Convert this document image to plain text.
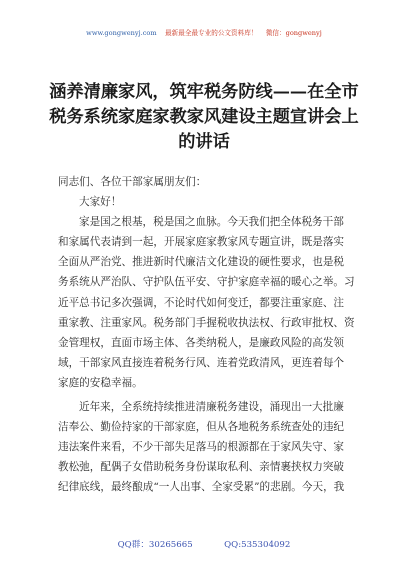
www.gongwenyj.com 最新最全最专业的公文资料库！ 微信：gongwenyj
涵养清廉家风，筑牢税务防线——在全市
税务系统家庭家教家风建设主题宣讲会上
的讲话
同志们、各位干部家属朋友们：
大家好！
家是国之根基，税是国之血脉。今天我们把全体税务干部
和家属代表请到一起，开展家庭家教家风专题宣讲，既是落实
全面从严治党、推进新时代廉洁文化建设的硬性要求，也是税
务系统从严治队、守护队伍平安、守护家庭幸福的暖心之举。习
近平总书记多次强调，不论时代如何变迁，都要注重家庭、注
重家教、注重家风。税务部门手握税收执法权、行政审批权、资
金管理权，直面市场主体、各类纳税人，是廉政风险的高发领
域，干部家风直接连着税务行风、连着党政清风，更连着每个
家庭的安稳幸福。
近年来，全系统持续推进清廉税务建设，涌现出一大批廉
洁奉公、勤俭持家的干部家庭，但从各地税务系统查处的违纪
违法案件来看，不少干部失足落马的根源都在于家风失守、家
教松弛，配偶子女借助税务身份谋取私利、亲情裹挟权力突破
纪律底线，最终酿成“一人出事、全家受累”的悲剧。今天，我
QQ群：30265665	QQ:535304092
